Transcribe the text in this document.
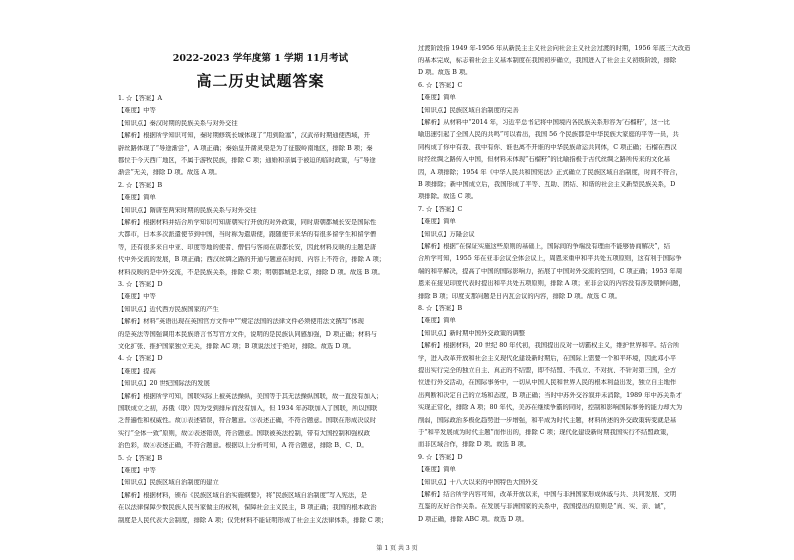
2022-2023 学年度第 1 学期 11月考试
高二历史试题答案
1. ☆【答案】A
【难度】中等
【知识点】秦汉时期的民族关系与对外交往
【解析】根据所学知识可知，秦时期修筑长城体现了“用到险塞”，汉武帝时期通使西域，开
辟丝路体现了“导途渐尝”，A 项正确；秦始皇开凿灵渠是为了征服岭南地区，排除 B 项；秦
郡位于今天西广地区，不属于游牧民族，排除 C 项；通婚和亲属于被迫的临时政策，与“导途
渐尝”无关，排除 D 项。故选 A 项。
2. ☆【答案】B
【难度】简单
【知识点】隋唐至两宋时期的民族关系与对外交往
【解析】根据材料并结合所学知识可知唐朝实行开放的对外政策，同时唐朝都城长安是国际性
大都市，日本多次派遣使节到中国，当时称为遣唐使，跟随使节来华的有很多留学生和留学僧
等，还有很多来自中亚、印度等地的使者、僧侣与客商在唐都长安，因此材料反映的主题是唐
代中外交流的发展，B 项正确；西汉丝绸之路的开通与题意在时间、内容上不符合，排除 A 项；
材料反映的是中外交流，不是民族关系，排除 C 项；明朝都城是北京，排除 D 项。故选 B 项。
3. ☆【答案】D
【难度】中等
【知识点】近代西方民族国家的产生
【解析】材料“英语出现在英国官方文件中”“规定法国的法律文件必须使用法文撰写”体现
的是英法等国强调用本民族语言书写官方文件，说明的是民族认同感加强，D 项正确；材料与
文化扩张、推护国家独立无关，排除 AC 项；B 项说法过于绝对，排除。故选 D 项。
4. ☆【答案】D
【难度】提高
【知识点】20 世纪国际法的发展
【解析】根据所学可知，国联实际上被英法操纵，美国等于其无法操纵国联，故一直没有加入；
国联成立之初，苏俄（联）因为受到排斥而没有加入，但 1934 年苏联加入了国联，所以国联
乏普遍性和权威性。故①表述错误，符合题意。③表述正确，不符合题意。国联在形成决议时
实行“全体一致”原则，故②表述错误，符合题意。国联被英法控制，带有大国控制和强权政
治色彩，故④表述正确，不符合题意。根据以上分析可知，A 符合题意，排除 B、C、D。
5. ☆【答案】B
【难度】中等
【知识点】民族区域自治制度的建立
【解析】根据材料，颁布《民族区域自治实施纲要》，将“民族区域自治制度”写入宪法，是
在以法律保障少数民族人民当家做主的权利，保障社会主义民主，B 项正确；我国的根本政治
制度是人民代表大会制度，排除 A 项；仅凭材料不能证明形成了社会主义法律体系，排除 C 项；
过渡阶段指 1949 年-1956 年从新民主主义社会向社会主义社会过渡的时期，1956 年底三大改造
的基本完成，标志着社会主义基本制度在我国初步确立，我国进入了社会主义初级阶段，排除
D 项。故选 B 项。
6. ☆【答案】C
【难度】简单
【知识点】民族区域自治制度的完善
【解析】从材料中“2014 年，习近平总书记将中国境内各民族关系形容为‘石榴籽’，这一比
喻迅速引起了全国人民的共鸣”可以看出，我国 56 个民族都是中华民族大家庭的平等一员，共
同构成了你中有我、我中有你、谁也离不开谁的中华民族命运共同体，C 项正确；石榴在西汉
时经丝绸之路传入中国，但材料未体现“石榴籽”的比喻指极于古代丝绸之路所传来的文化基
因，A 项排除；1954 年《中华人民共和国宪法》正式确立了民族区域自治制度，时间不符合，
B 项排除；新中国成立后，我国形成了平等、互助、团结、和谐的社会主义新型民族关系，D
项排除。故选 C 项。
7. ☆【答案】C
【难度】简单
【知识点】万隆会议
【解析】根据“在保证实施这些原则的基础上，国际间的争端没有理由不能够协商解决”，结
合所学可知，1955 年在亚非会议全体会议上，周恩来重申和平共处五项原则，这有利于国际争
端的和平解决，提高了中国的国际影响力，拓展了中国对外交流的空间，C 项正确；1953 年周
恩来在接见印度代表时提出和平共处五项原则，排除 A 项；亚非会议的内容没有涉及朝鲜问题，
排除 B 项；印度支那问题是日内瓦会议的内容，排除 D 项。故选 C 项。
8. ☆【答案】B
【难度】简单
【知识点】新时期中国外交政策的调整
【解析】根据材料，20 世纪 80 年代初，我国提出反对一切霸权主义，维护世界和平。结合所
学，进入改革开放和社会主义现代化建设新时期后，在国际上需要一个和平环境，因此邓小平
提出实行完全的独立自主、真正的不结盟，即不结盟、不孤立、不对抗、不针对第三国，全方
位进行外交活动，在国际事务中，一切从中国人民和世界人民的根本利益出发，独立自主地作
出判断和决定自己的立场和态度，B 项正确；当时中苏外交谷叙并未消除，1989 年中苏关系才
实现正常化，排除 A 项；80 年代，美苏在继续争霸的同时，控制和影响国际事务的能力却大为
削弱，国际政治多极化趋势进一步增强，和平成为时代主题，材料所述的外交政策转变就是基
于“和平发展成为时代主题”而作出的，排除 C 项；现代化建设新时期我国实行不结盟政策，
而非区域合作，排除 D 项。故选 B 项。
9. ☆【答案】D
【难度】简单
【知识点】十八大以来的中国特色大国外交
【解析】结合所学内容可知，改革开放以来，中国与非洲国家形成休戚与共、共同发展、文明
互鉴的友好合作关系。在发展与非洲国家的关系中，我国提出的原则是“真、实、亲、诚”，
D 项正确，排除 ABC 项。故选 D 项。
第 1 页 共 3 页
